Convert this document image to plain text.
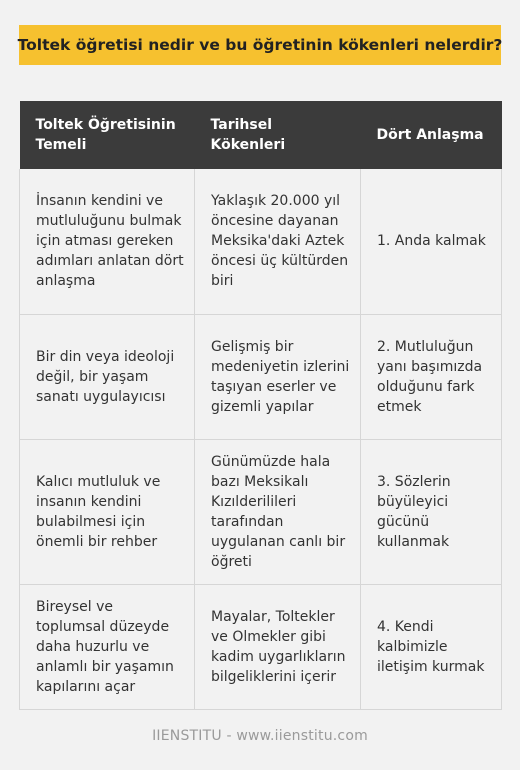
Toltek öğretisi nedir ve bu öğretinin kökenleri nelerdir?
Toltek Öğretisinin Temeli	Tarihsel Kökenleri	Dört Anlaşma
İnsanın kendini ve mutluluğunu bulmak için atması gereken adımları anlatan dört anlaşma	Yaklaşık 20.000 yıl öncesine dayanan Meksika'daki Aztek öncesi üç kültürden biri	1. Anda kalmak
Bir din veya ideoloji değil, bir yaşam sanatı uygulayıcısı	Gelişmiş bir medeniyetin izlerini taşıyan eserler ve gizemli yapılar	2. Mutluluğun yanı başımızda olduğunu fark etmek
Kalıcı mutluluk ve insanın kendini bulabilmesi için önemli bir rehber	Günümüzde hala bazı Meksikalı Kızılderilileri tarafından uygulanan canlı bir öğreti	3. Sözlerin büyüleyici gücünü kullanmak
Bireysel ve toplumsal düzeyde daha huzurlu ve anlamlı bir yaşamın kapılarını açar	Mayalar, Toltekler ve Olmekler gibi kadim uygarlıkların bilgeliklerini içerir	4. Kendi kalbimizle iletişim kurmak
IIENSTITU - www.iienstitu.com
